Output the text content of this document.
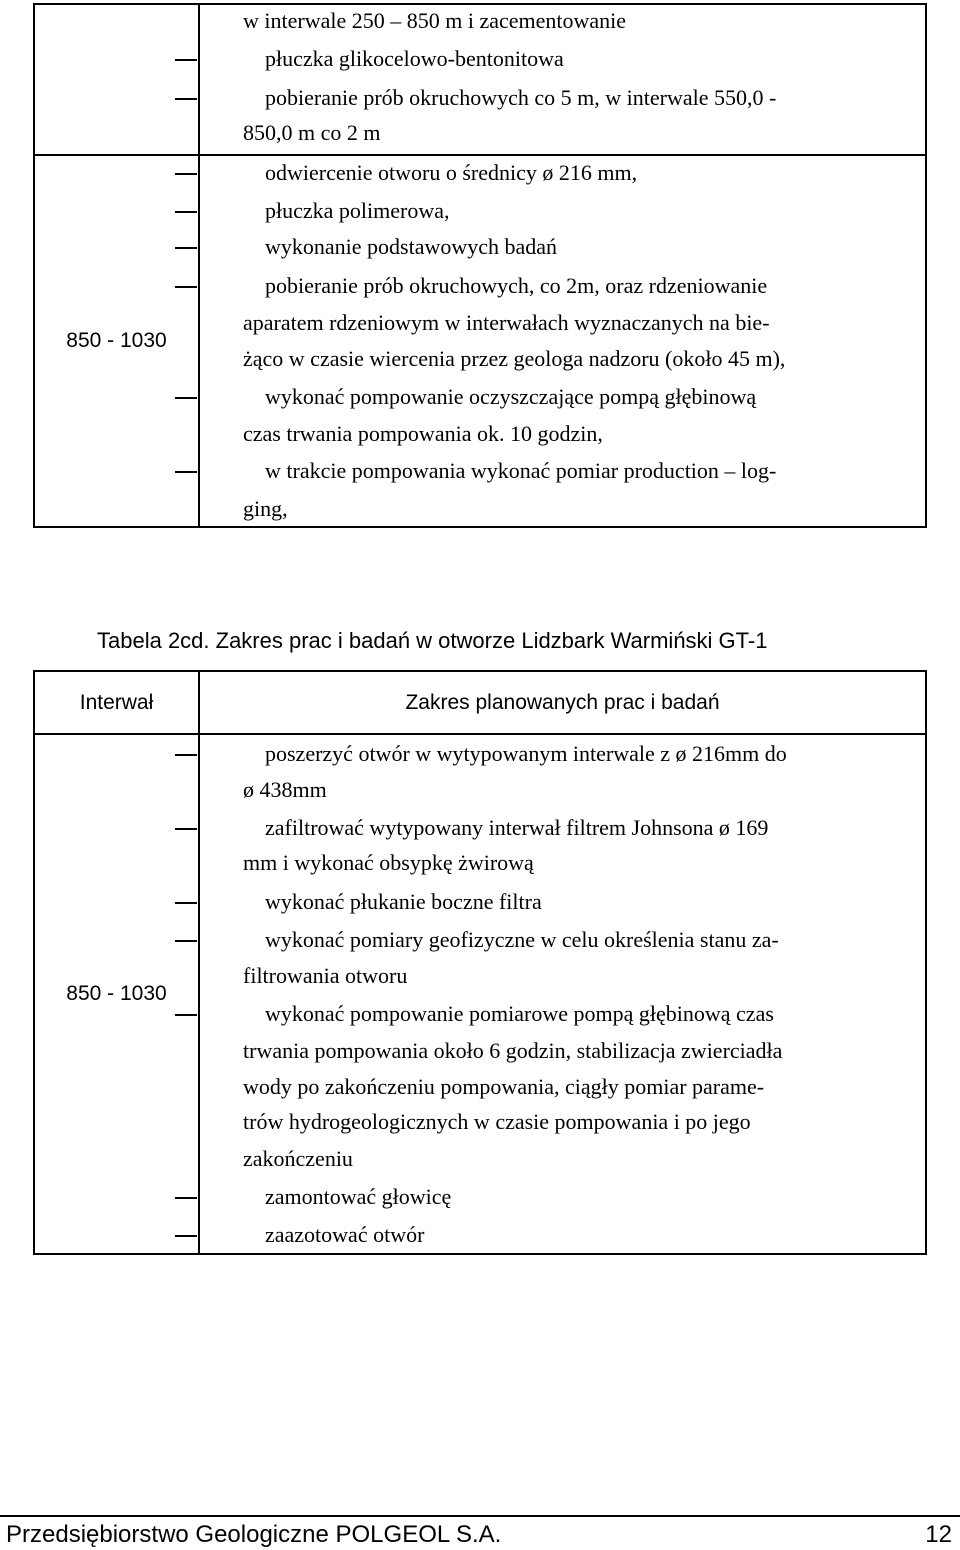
850 - 1030
w interwale 250 – 850 m i zacementowanie
płuczka glikocelowo-bentonitowa
pobieranie prób okruchowych co 5 m, w interwale 550,0 -
850,0 m co 2 m
odwiercenie otworu o średnicy ø 216 mm,
płuczka polimerowa,
wykonanie podstawowych badań
pobieranie prób okruchowych, co 2m, oraz rdzeniowanie
aparatem rdzeniowym w interwałach wyznaczanych na bie-
żąco w czasie wiercenia przez geologa nadzoru (około 45 m),
wykonać pompowanie oczyszczające pompą głębinową
czas trwania pompowania ok. 10 godzin,
w trakcie pompowania wykonać pomiar production – log-
ging,
Tabela 2cd. Zakres prac i badań w otworze Lidzbark Warmiński GT-1
Interwał	Zakres planowanych prac i badań
850 - 1030
poszerzyć otwór w wytypowanym interwale z ø 216mm do
ø 438mm
zafiltrować wytypowany interwał filtrem Johnsona ø 169
mm i wykonać obsypkę żwirową
wykonać płukanie boczne filtra
wykonać pomiary geofizyczne w celu określenia stanu za-
filtrowania otworu
wykonać pompowanie pomiarowe pompą głębinową czas
trwania pompowania około 6 godzin, stabilizacja zwierciadła
wody po zakończeniu pompowania, ciągły pomiar parame-
trów hydrogeologicznych w czasie pompowania i po jego
zakończeniu
zamontować głowicę
zaazotować otwór
Przedsiębiorstwo Geologiczne POLGEOL S.A.	12
